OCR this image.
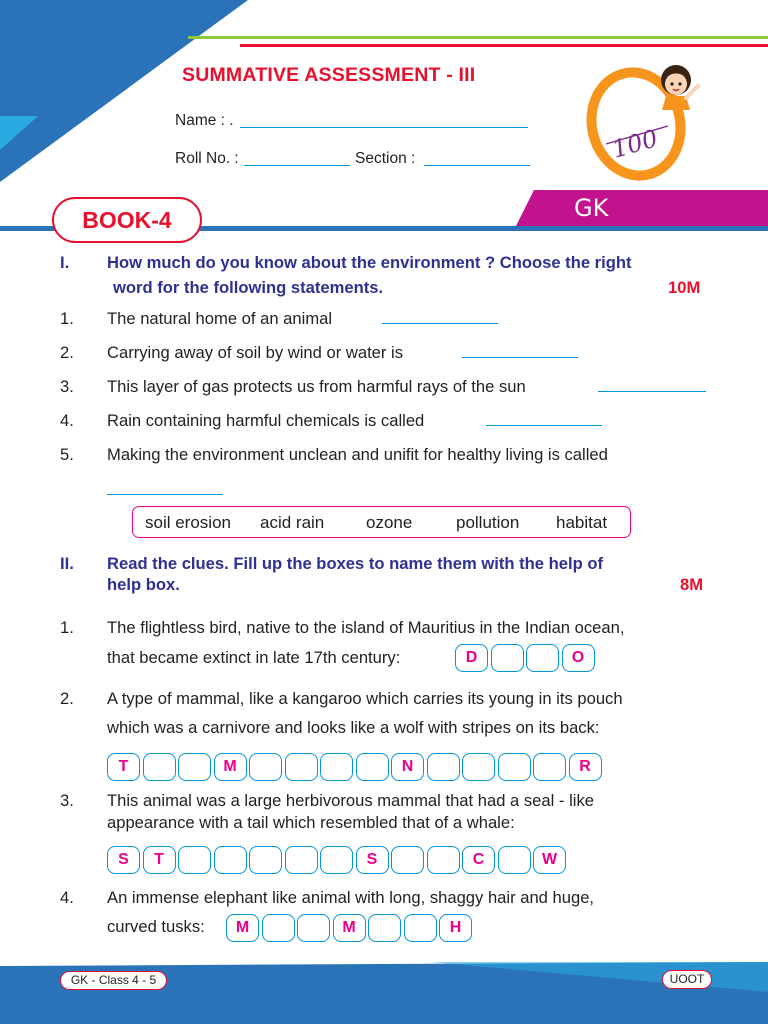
SUMMATIVE ASSESSMENT - III
Name : .
Roll No. :	Section :	100
GK
BOOK-4
I. How much do you know about the environment ? Choose the right
word for the following statements.	10M
1. The natural home of an animal
2. Carrying away of soil by wind or water is
3. This layer of gas protects us from harmful rays of the sun
4. Rain containing harmful chemicals is called
5. Making the environment unclean and unifit for healthy living is called
soil erosion acid rain ozone	pollution habitat
II. Read the clues. Fill up the boxes to name them with the help of
help box.	8M
1. The flightless bird, native to the island of Mauritius in the Indian ocean,
that became extinct in late 17th century:	D	O
2. A type of mammal, like a kangaroo which carries its young in its pouch
which was a carnivore and looks like a wolf with stripes on its back:
T	M	N	R
3. This animal was a large herbivorous mammal that had a seal - like
appearance with a tail which resembled that of a whale:
S	T	S	C	W
4. An immense elephant like animal with long, shaggy hair and huge,
curved tusks:	M	M	H
GK - Class 4 - 5	UOOT
